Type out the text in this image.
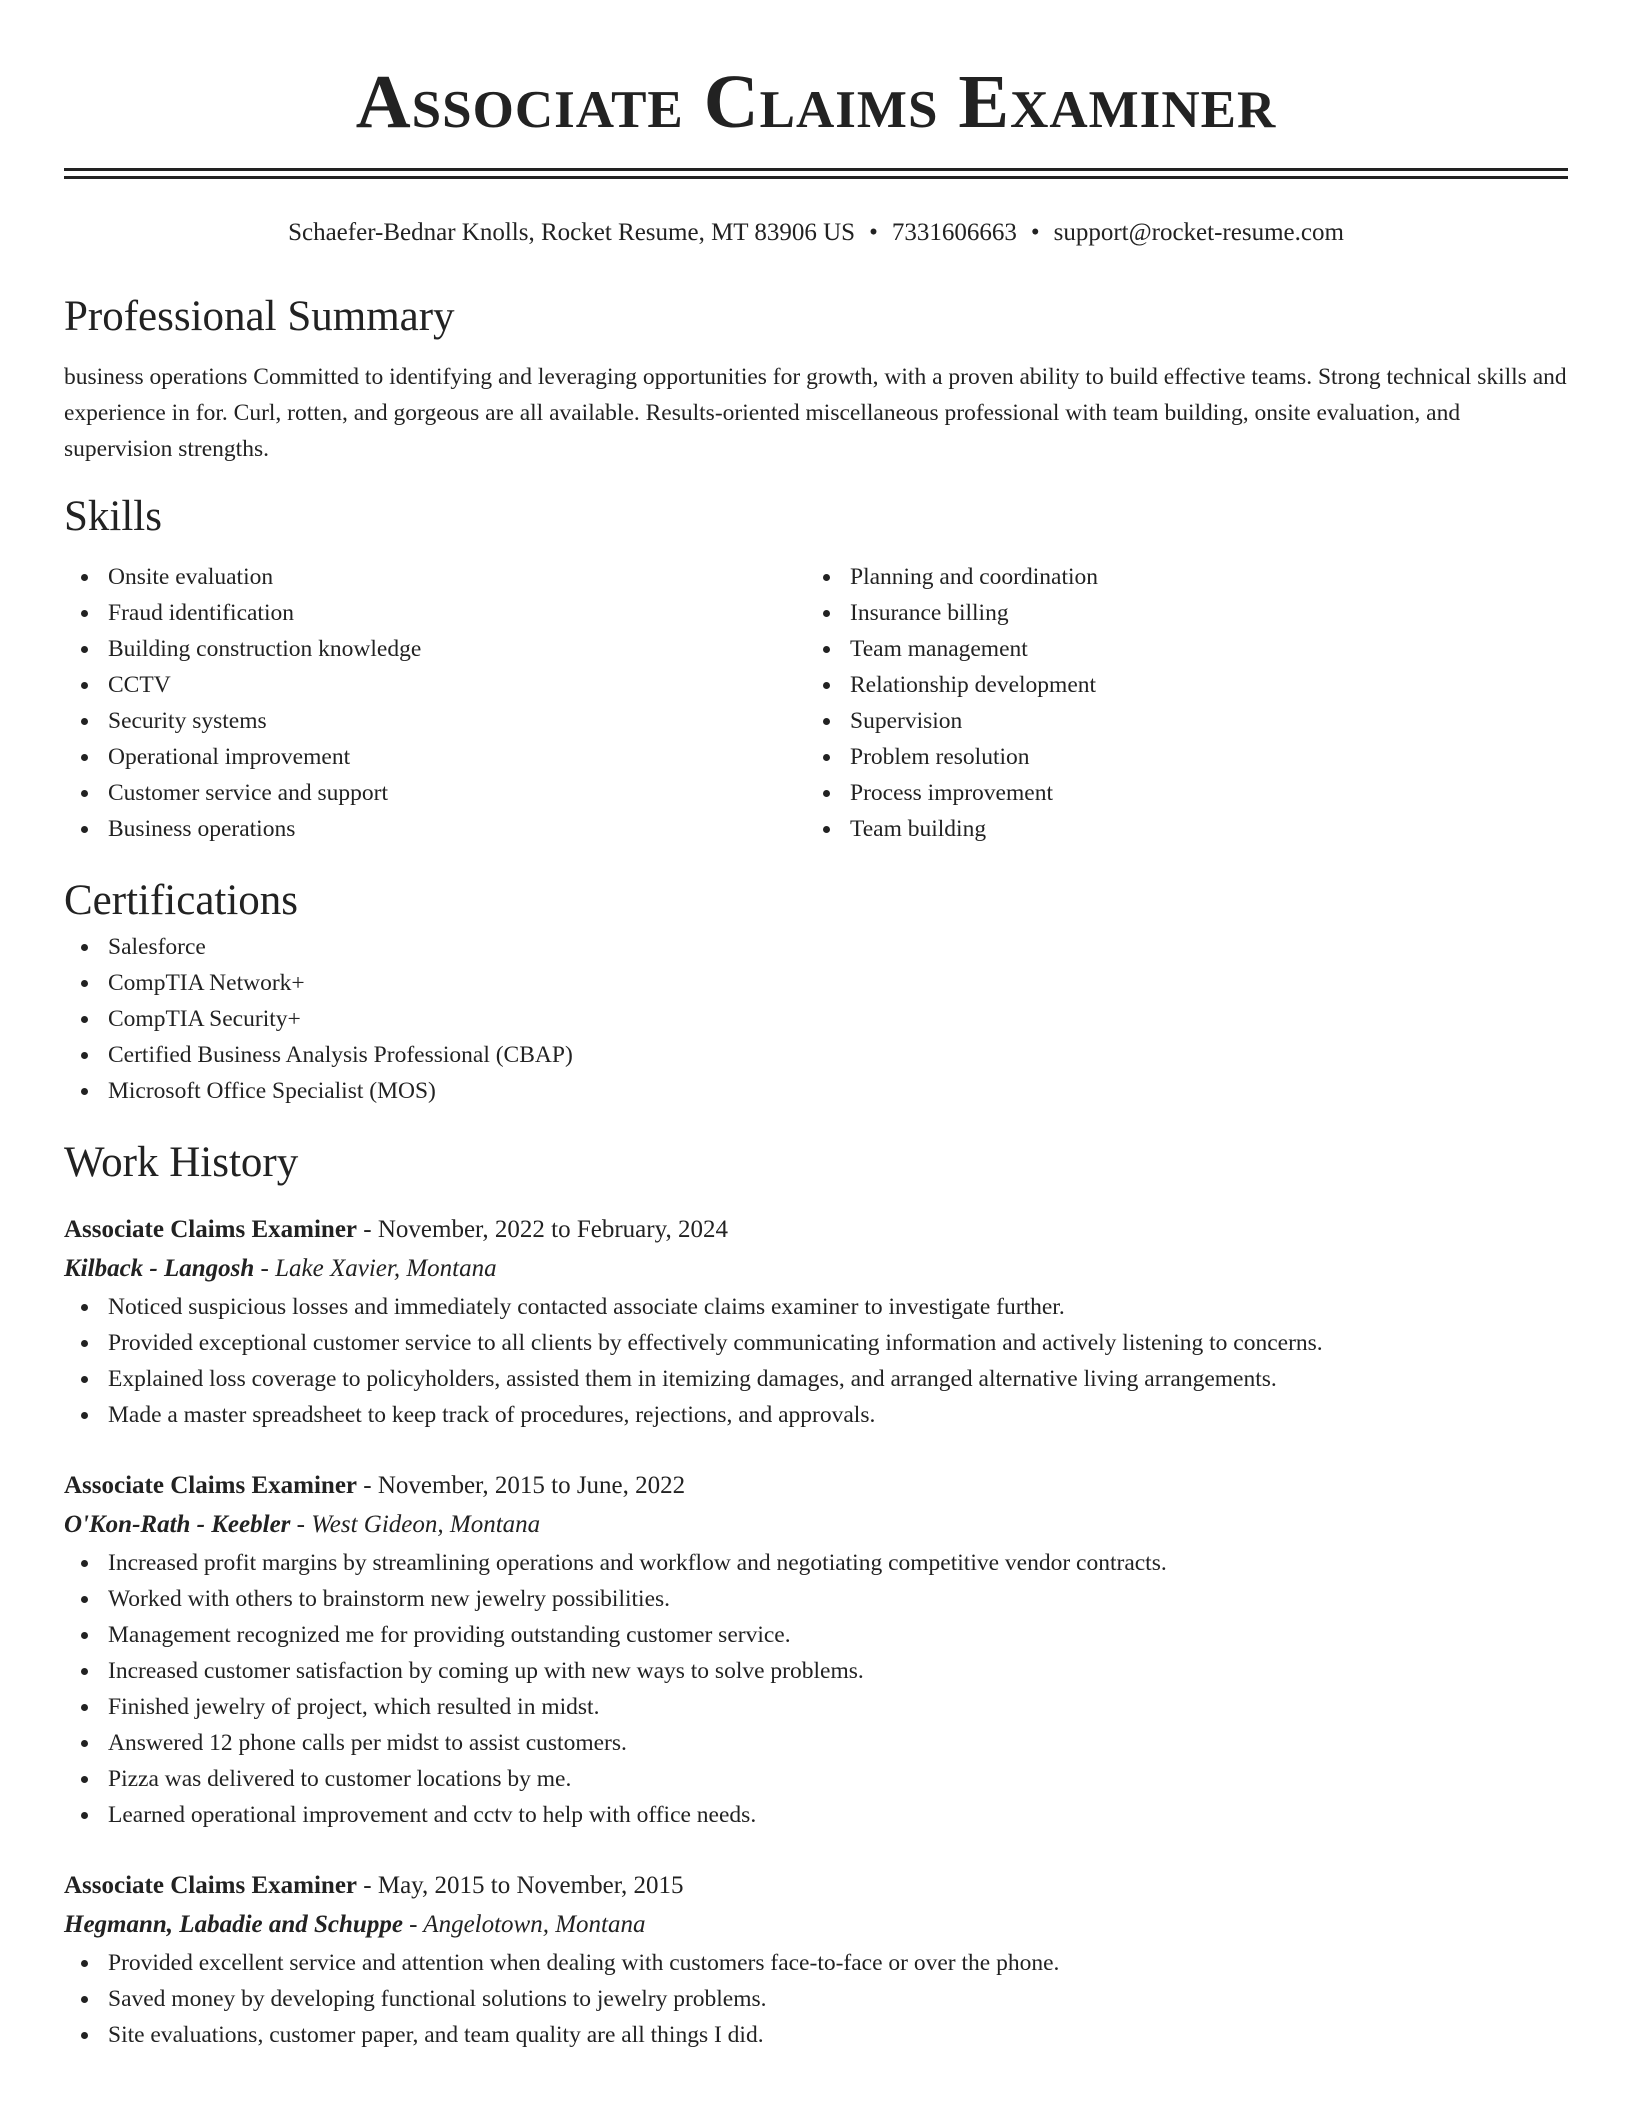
Associate Claims Examiner
Schaefer-Bednar Knolls, Rocket Resume, MT 83906 US • 7331606663 • support@rocket-resume.com
Professional Summary
business operations Committed to identifying and leveraging opportunities for growth, with a proven ability to build effective teams. Strong technical skills and experience in for. Curl, rotten, and gorgeous are all available. Results-oriented miscellaneous professional with team building, onsite evaluation, and supervision strengths.
Skills
Onsite evaluation
Fraud identification
Building construction knowledge
CCTV
Security systems
Operational improvement
Customer service and support
Business operations
Planning and coordination
Insurance billing
Team management
Relationship development
Supervision
Problem resolution
Process improvement
Team building
Certifications
Salesforce
CompTIA Network+
CompTIA Security+
Certified Business Analysis Professional (CBAP)
Microsoft Office Specialist (MOS)
Work History
Associate Claims Examiner - November, 2022 to February, 2024
Kilback - Langosh - Lake Xavier, Montana
Noticed suspicious losses and immediately contacted associate claims examiner to investigate further.
Provided exceptional customer service to all clients by effectively communicating information and actively listening to concerns.
Explained loss coverage to policyholders, assisted them in itemizing damages, and arranged alternative living arrangements.
Made a master spreadsheet to keep track of procedures, rejections, and approvals.
Associate Claims Examiner - November, 2015 to June, 2022
O'Kon-Rath - Keebler - West Gideon, Montana
Increased profit margins by streamlining operations and workflow and negotiating competitive vendor contracts.
Worked with others to brainstorm new jewelry possibilities.
Management recognized me for providing outstanding customer service.
Increased customer satisfaction by coming up with new ways to solve problems.
Finished jewelry of project, which resulted in midst.
Answered 12 phone calls per midst to assist customers.
Pizza was delivered to customer locations by me.
Learned operational improvement and cctv to help with office needs.
Associate Claims Examiner - May, 2015 to November, 2015
Hegmann, Labadie and Schuppe - Angelotown, Montana
Provided excellent service and attention when dealing with customers face-to-face or over the phone.
Saved money by developing functional solutions to jewelry problems.
Site evaluations, customer paper, and team quality are all things I did.
